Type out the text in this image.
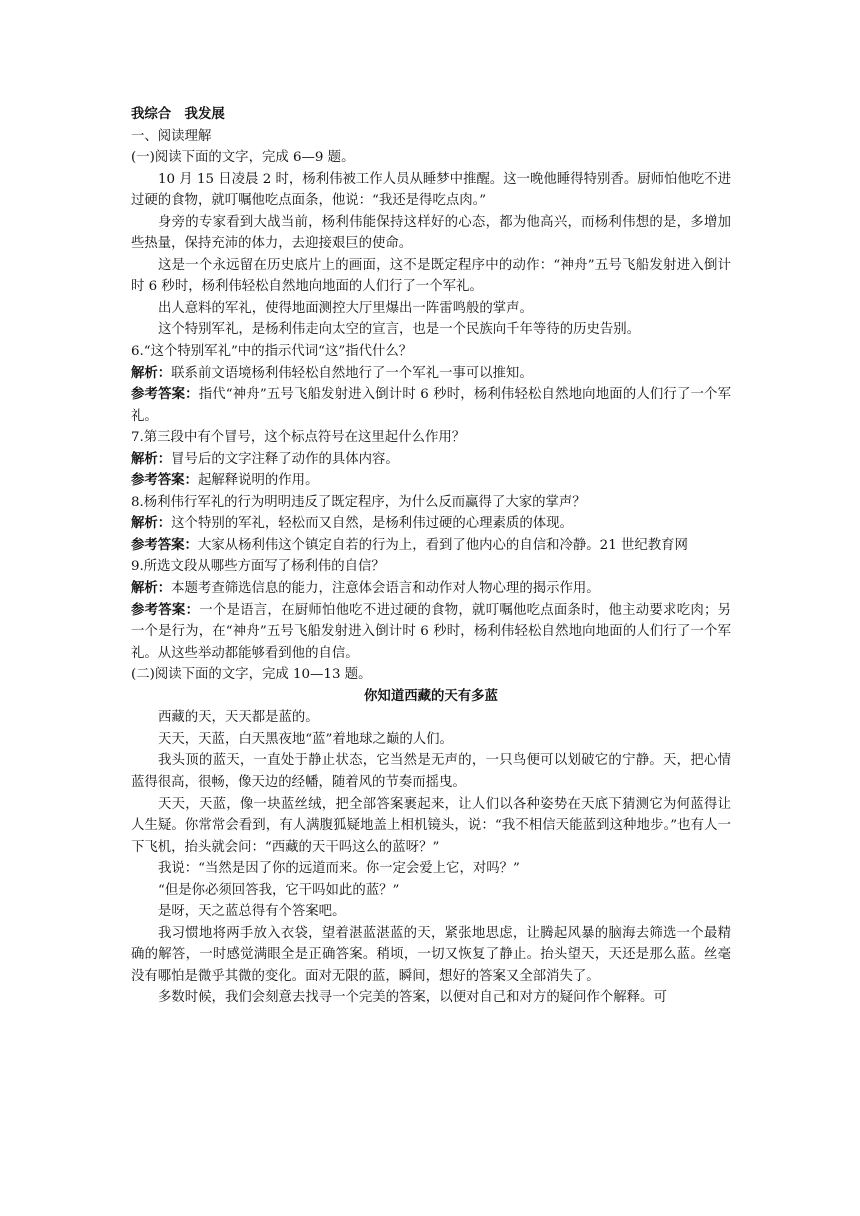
我综合　我发展

一、阅读理解

(一)阅读下面的文字，完成 6—9 题。

10 月 15 日凌晨 2 时，杨利伟被工作人员从睡梦中推醒。这一晚他睡得特别香。厨师怕他吃不进过硬的食物，就叮嘱他吃点面条，他说：“我还是得吃点肉。”

身旁的专家看到大战当前，杨利伟能保持这样好的心态，都为他高兴，而杨利伟想的是，多增加些热量，保持充沛的体力，去迎接艰巨的使命。

这是一个永远留在历史底片上的画面，这不是既定程序中的动作：“神舟”五号飞船发射进入倒计时 6 秒时，杨利伟轻松自然地向地面的人们行了一个军礼。

出人意料的军礼，使得地面测控大厅里爆出一阵雷鸣般的掌声。

这个特别军礼，是杨利伟走向太空的宣言，也是一个民族向千年等待的历史告别。

6.“这个特别军礼”中的指示代词“这”指代什么？

解析：联系前文语境杨利伟轻松自然地行了一个军礼一事可以推知。

参考答案：指代“神舟”五号飞船发射进入倒计时 6 秒时，杨利伟轻松自然地向地面的人们行了一个军礼。

7.第三段中有个冒号，这个标点符号在这里起什么作用？

解析：冒号后的文字注释了动作的具体内容。

参考答案：起解释说明的作用。

8.杨利伟行军礼的行为明明违反了既定程序，为什么反而赢得了大家的掌声？

解析：这个特别的军礼，轻松而又自然，是杨利伟过硬的心理素质的体现。

参考答案：大家从杨利伟这个镇定自若的行为上，看到了他内心的自信和冷静。21 世纪教育网

9.所选文段从哪些方面写了杨利伟的自信？

解析：本题考查筛选信息的能力，注意体会语言和动作对人物心理的揭示作用。

参考答案：一个是语言，在厨师怕他吃不进过硬的食物，就叮嘱他吃点面条时，他主动要求吃肉；另一个是行为，在“神舟”五号飞船发射进入倒计时 6 秒时，杨利伟轻松自然地向地面的人们行了一个军礼。从这些举动都能够看到他的自信。

(二)阅读下面的文字，完成 10—13 题。

你知道西藏的天有多蓝

西藏的天，天天都是蓝的。

天天，天蓝，白天黑夜地“蓝”着地球之巅的人们。

我头顶的蓝天，一直处于静止状态，它当然是无声的，一只鸟便可以划破它的宁静。天，把心情蓝得很高，很畅，像天边的经幡，随着风的节奏而摇曳。

天天，天蓝，像一块蓝丝绒，把全部答案裹起来，让人们以各种姿势在天底下猜测它为何蓝得让人生疑。你常常会看到，有人满腹狐疑地盖上相机镜头，说：“我不相信天能蓝到这种地步。”也有人一下飞机，抬头就会问：“西藏的天干吗这么的蓝呀？”

我说：“当然是因了你的远道而来。你一定会爱上它，对吗？”

“但是你必须回答我，它干吗如此的蓝？”

是呀，天之蓝总得有个答案吧。

我习惯地将两手放入衣袋，望着湛蓝湛蓝的天，紧张地思虑，让腾起风暴的脑海去筛选一个最精确的解答，一时感觉满眼全是正确答案。稍顷，一切又恢复了静止。抬头望天，天还是那么蓝。丝毫没有哪怕是微乎其微的变化。面对无限的蓝，瞬间，想好的答案又全部消失了。

多数时候，我们会刻意去找寻一个完美的答案，以便对自己和对方的疑问作个解释。可
